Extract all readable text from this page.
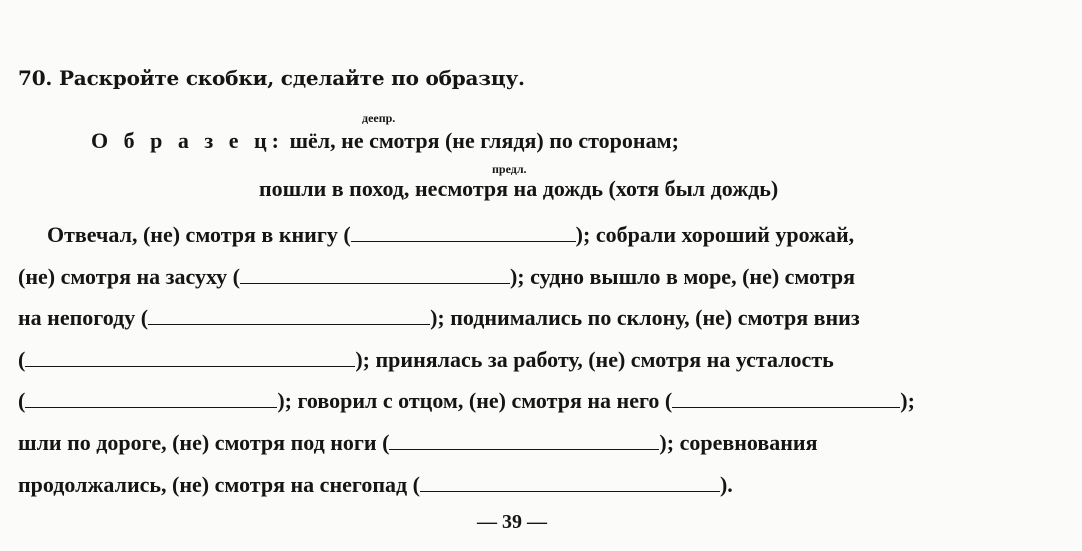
70. Раскройте скобки, сделайте по образцу.
деепр.
О б р а з е ц: шёл, не смотря (не глядя) по сторонам;
предл.
пошли в поход, несмотря на дождь (хотя был дождь)
Отвечал, (не) смотря в книгу (	); собрали хороший урожай,
(не) смотря на засуху (	); судно вышло в море, (не) смотря
на непогоду (	); поднимались по склону, (не) смотря вниз
(	); принялась за работу, (не) смотря на усталость
(	); говорил с отцом, (не) смотря на него (	);
шли по дороге, (не) смотря под ноги (	); соревнования
продолжались, (не) смотря на снегопад (	).
— 39 —
